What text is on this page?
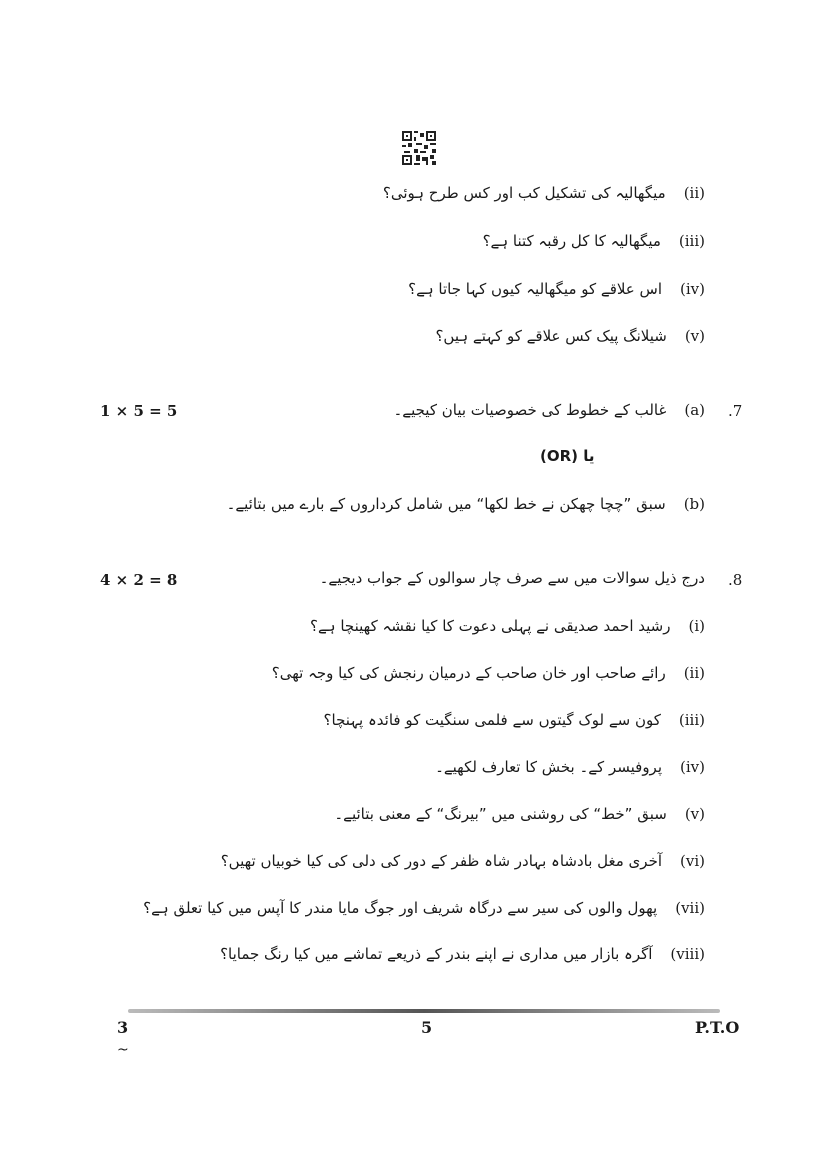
(ii)
میگھالیہ کی تشکیل کب اور کس طرح ہوئی؟
(iii)
میگھالیہ کا کل رقبہ کتنا ہے؟
(iv)
اس علاقے کو میگھالیہ کیوں کہا جاتا ہے؟
(v)
شیلانگ پیک کس علاقے کو کہتے ہیں؟
1 × 5 = 5	.7
(a)
غالب کے خطوط کی خصوصیات بیان کیجیے۔
یا (OR)
(b)
سبق ”چچا چھکن نے خط لکھا“ میں شامل کرداروں کے بارے میں بتائیے۔
4 × 2 = 8	.8
درج ذیل سوالات میں سے صرف چار سوالوں کے جواب دیجیے۔
(i)
رشید احمد صدیقی نے پہلی دعوت کا کیا نقشہ کھینچا ہے؟
(ii)
رائے صاحب اور خان صاحب کے درمیان رنجش کی کیا وجہ تھی؟
(iii)
کون سے لوک گیتوں سے فلمی سنگیت کو فائدہ پہنچا؟
(iv)
پروفیسر کے۔ بخش کا تعارف لکھیے۔
(v)
سبق ”خط“ کی روشنی میں ”بیرنگ“ کے معنی بتائیے۔
(vi)
آخری مغل بادشاہ بہادر شاہ ظفر کے دور کی دلی کی کیا خوبیاں تھیں؟
(vii)
پھول والوں کی سیر سے درگاہ شریف اور جوگ مایا مندر کا آپس میں کیا تعلق ہے؟
(viii)
آگرہ بازار میں مداری نے اپنے بندر کے ذریعے تماشے میں کیا رنگ جمایا؟
3	5	P.T.O
~
